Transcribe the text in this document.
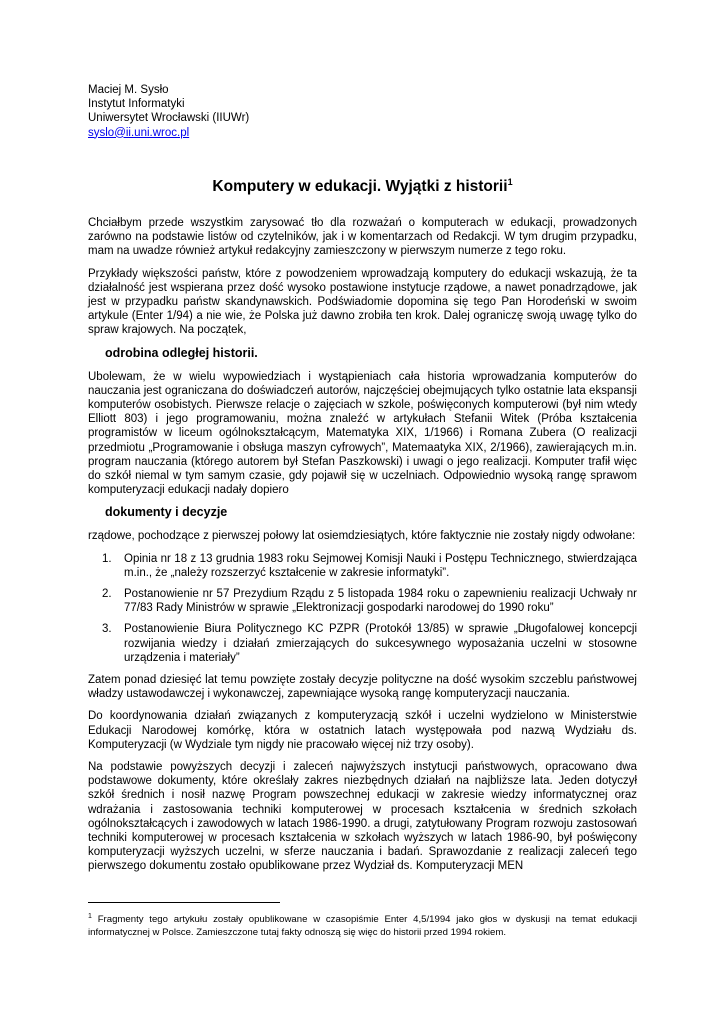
Maciej M. Sysło
Instytut Informatyki
Uniwersytet Wrocławski (IIUWr)
syslo@ii.uni.wroc.pl
Komputery w edukacji. Wyjątki z historii$^1$

Chciałbym przede wszystkim zarysować tło dla rozważań o komputerach w edukacji, prowadzonych zarówno na podstawie listów od czytelników, jak i w komentarzach od Redakcji. W tym drugim przypadku, mam na uwadze również artykuł redakcyjny zamieszczony w pierwszym numerze z tego roku.

Przykłady większości państw, które z powodzeniem wprowadzają komputery do edukacji wskazują, że ta działalność jest wspierana przez dość wysoko postawione instytucje rządowe, a nawet ponadrządowe, jak jest w przypadku państw skandynawskich. Podświadomie dopomina się tego Pan Horodeński w swoim artykule (Enter 1/94) a nie wie, że Polska już dawno zrobiła ten krok. Dalej ograniczę swoją uwagę tylko do spraw krajowych. Na początek,

odrobina odległej historii.

Ubolewam, że w wielu wypowiedziach i wystąpieniach cała historia wprowadzania komputerów do nauczania jest ograniczana do doświadczeń autorów, najczęściej obejmujących tylko ostatnie lata ekspansji komputerów osobistych. Pierwsze relacje o zajęciach w szkole, poświęconych komputerowi (był nim wtedy Elliott 803) i jego programowaniu, można znaleźć w artykułach Stefanii Witek (Próba kształcenia programistów w liceum ogólnokształcącym, Matematyka XIX, 1/1966) i Romana Zubera (O realizacji przedmiotu „Programowanie i obsługa maszyn cyfrowych”, Matemaatyka XIX, 2/1966), zawierających m.in. program nauczania (którego autorem był Stefan Paszkowski) i uwagi o jego realizacji. Komputer trafił więc do szkół niemal w tym samym czasie, gdy pojawił się w uczelniach. Odpowiednio wysoką rangę sprawom komputeryzacji edukacji nadały dopiero

dokumenty i decyzje

rządowe, pochodzące z pierwszej połowy lat osiemdziesiątych, które faktycznie nie zostały nigdy odwołane:

1. Opinia nr 18 z 13 grudnia 1983 roku Sejmowej Komisji Nauki i Postępu Technicznego, stwierdzająca m.in., że „należy rozszerzyć kształcenie w zakresie informatyki”.
2. Postanowienie nr 57 Prezydium Rządu z 5 listopada 1984 roku o zapewnieniu realizacji Uchwały nr 77/83 Rady Ministrów w sprawie „Elektronizacji gospodarki narodowej do 1990 roku”
3. Postanowienie Biura Politycznego KC PZPR (Protokół 13/85) w sprawie „Długofalowej koncepcji rozwijania wiedzy i działań zmierzających do sukcesywnego wyposażania uczelni w stosowne urządzenia i materiały”

Zatem ponad dziesięć lat temu powzięte zostały decyzje polityczne na dość wysokim szczeblu państwowej władzy ustawodawczej i wykonawczej, zapewniające wysoką rangę komputeryzacji nauczania.

Do koordynowania działań związanych z komputeryzacją szkół i uczelni wydzielono w Ministerstwie Edukacji Narodowej komórkę, która w ostatnich latach występowała pod nazwą Wydziału ds. Komputeryzacji (w Wydziale tym nigdy nie pracowało więcej niż trzy osoby).

Na podstawie powyższych decyzji i zaleceń najwyższych instytucji państwowych, opracowano dwa podstawowe dokumenty, które określały zakres niezbędnych działań na najbliższe lata. Jeden dotyczył szkół średnich i nosił nazwę Program powszechnej edukacji w zakresie wiedzy informatycznej oraz wdrażania i zastosowania techniki komputerowej w procesach kształcenia w średnich szkołach ogólnokształcących i zawodowych w latach 1986-1990. a drugi, zatytułowany Program rozwoju zastosowań techniki komputerowej w procesach kształcenia w szkołach wyższych w latach 1986-90, był poświęcony komputeryzacji wyższych uczelni, w sferze nauczania i badań. Sprawozdanie z realizacji zaleceń tego pierwszego dokumentu zostało opublikowane przez Wydział ds. Komputeryzacji MEN

$^1$ Fragmenty tego artykułu zostały opublikowane w czasopiśmie Enter 4,5/1994 jako głos w dyskusji na temat edukacji informatycznej w Polsce. Zamieszczone tutaj fakty odnoszą się więc do historii przed 1994 rokiem.
